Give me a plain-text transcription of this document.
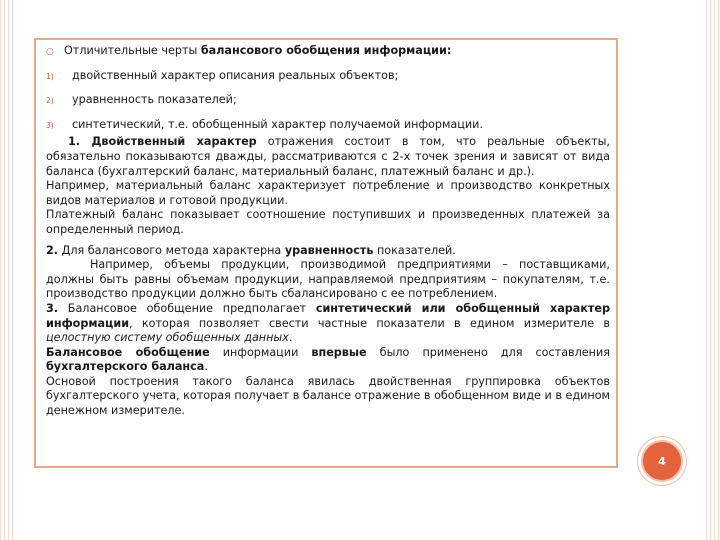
○ Отличительные черты балансового обобщения информации:
1)	двойственный характер описания реальных объектов;
2)	уравненность показателей;
3)	синтетический, т.е. обобщенный характер получаемой информации.

1. Двойственный характер отражения состоит в том, что реальные объекты, обязательно показываются дважды, рассматриваются с 2-х точек зрения и зависят от вида баланса (бухгалтерский баланс, материальный баланс, платежный баланс и др.).

Например, материальный баланс характеризует потребление и производство конкретных видов материалов и готовой продукции.

Платежный баланс показывает соотношение поступивших и произведенных платежей за определенный период.

2. Для балансового метода характерна уравненность показателей.

Например, объемы продукции, производимой предприятиями – поставщиками, должны быть равны объемам продукции, направляемой предприятиям – покупателям, т.е. производство продукции должно быть сбалансировано с ее потреблением.

3. Балансовое обобщение предполагает синтетический или обобщенный характер информации, которая позволяет свести частные показатели в едином измерителе в целостную систему обобщенных данных.

Балансовое обобщение информации впервые было применено для составления бухгалтерского баланса.

Основой построения такого баланса явилась двойственная группировка объектов бухгалтерского учета, которая получает в балансе отражение в обобщенном виде и в едином денежном измерителе.

4
